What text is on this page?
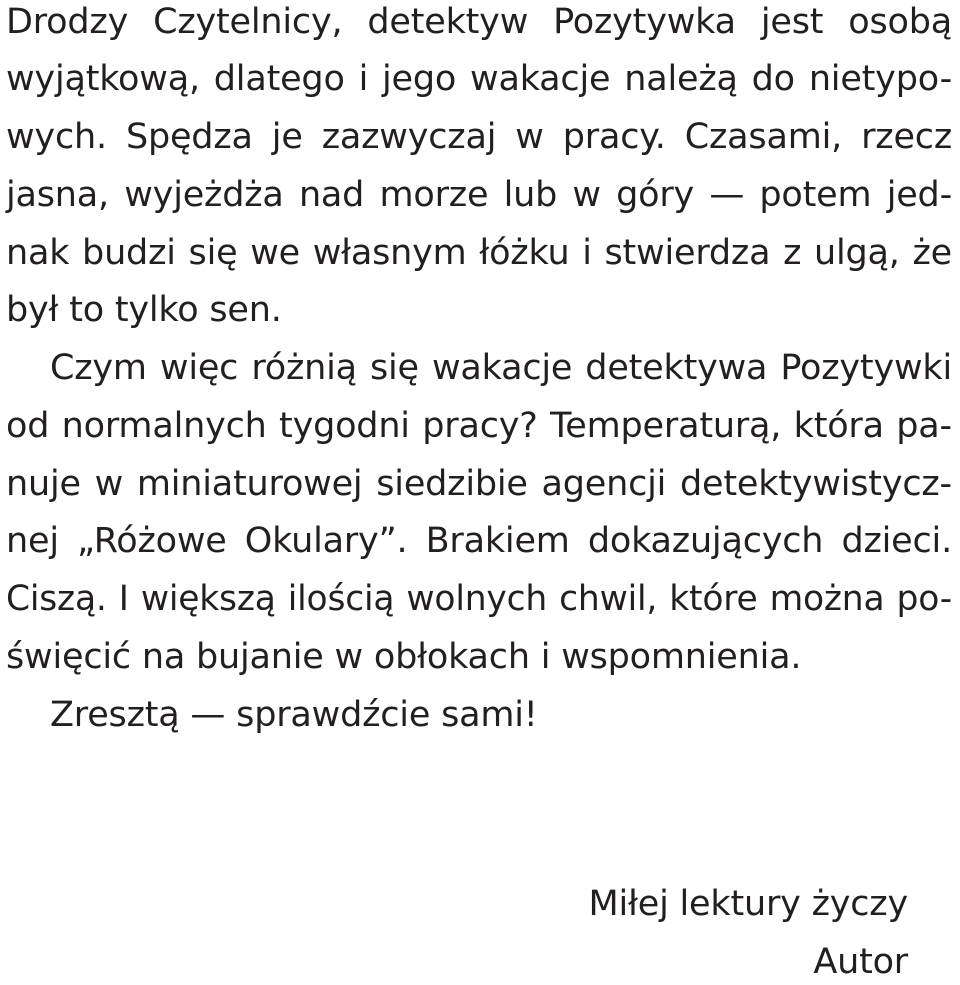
Drodzy Czytelnicy, detektyw Pozytywka jest osobą
wyjątkową, dlatego i jego wakacje należą do nietypo-
wych. Spędza je zazwyczaj w pracy. Czasami, rzecz
jasna, wyjeżdża nad morze lub w góry — potem jed-
nak budzi się we własnym łóżku i stwierdza z ulgą, że
był to tylko sen.
Czym więc różnią się wakacje detektywa Pozytywki
od normalnych tygodni pracy? Temperaturą, która pa-
nuje w miniaturowej siedzibie agencji detektywistycz-
nej „Różowe Okulary”. Brakiem dokazujących dzieci.
Ciszą. I większą ilością wolnych chwil, które można po-
święcić na bujanie w obłokach i wspomnienia.
Zresztą — sprawdźcie sami!
Miłej lektury życzy
Autor
